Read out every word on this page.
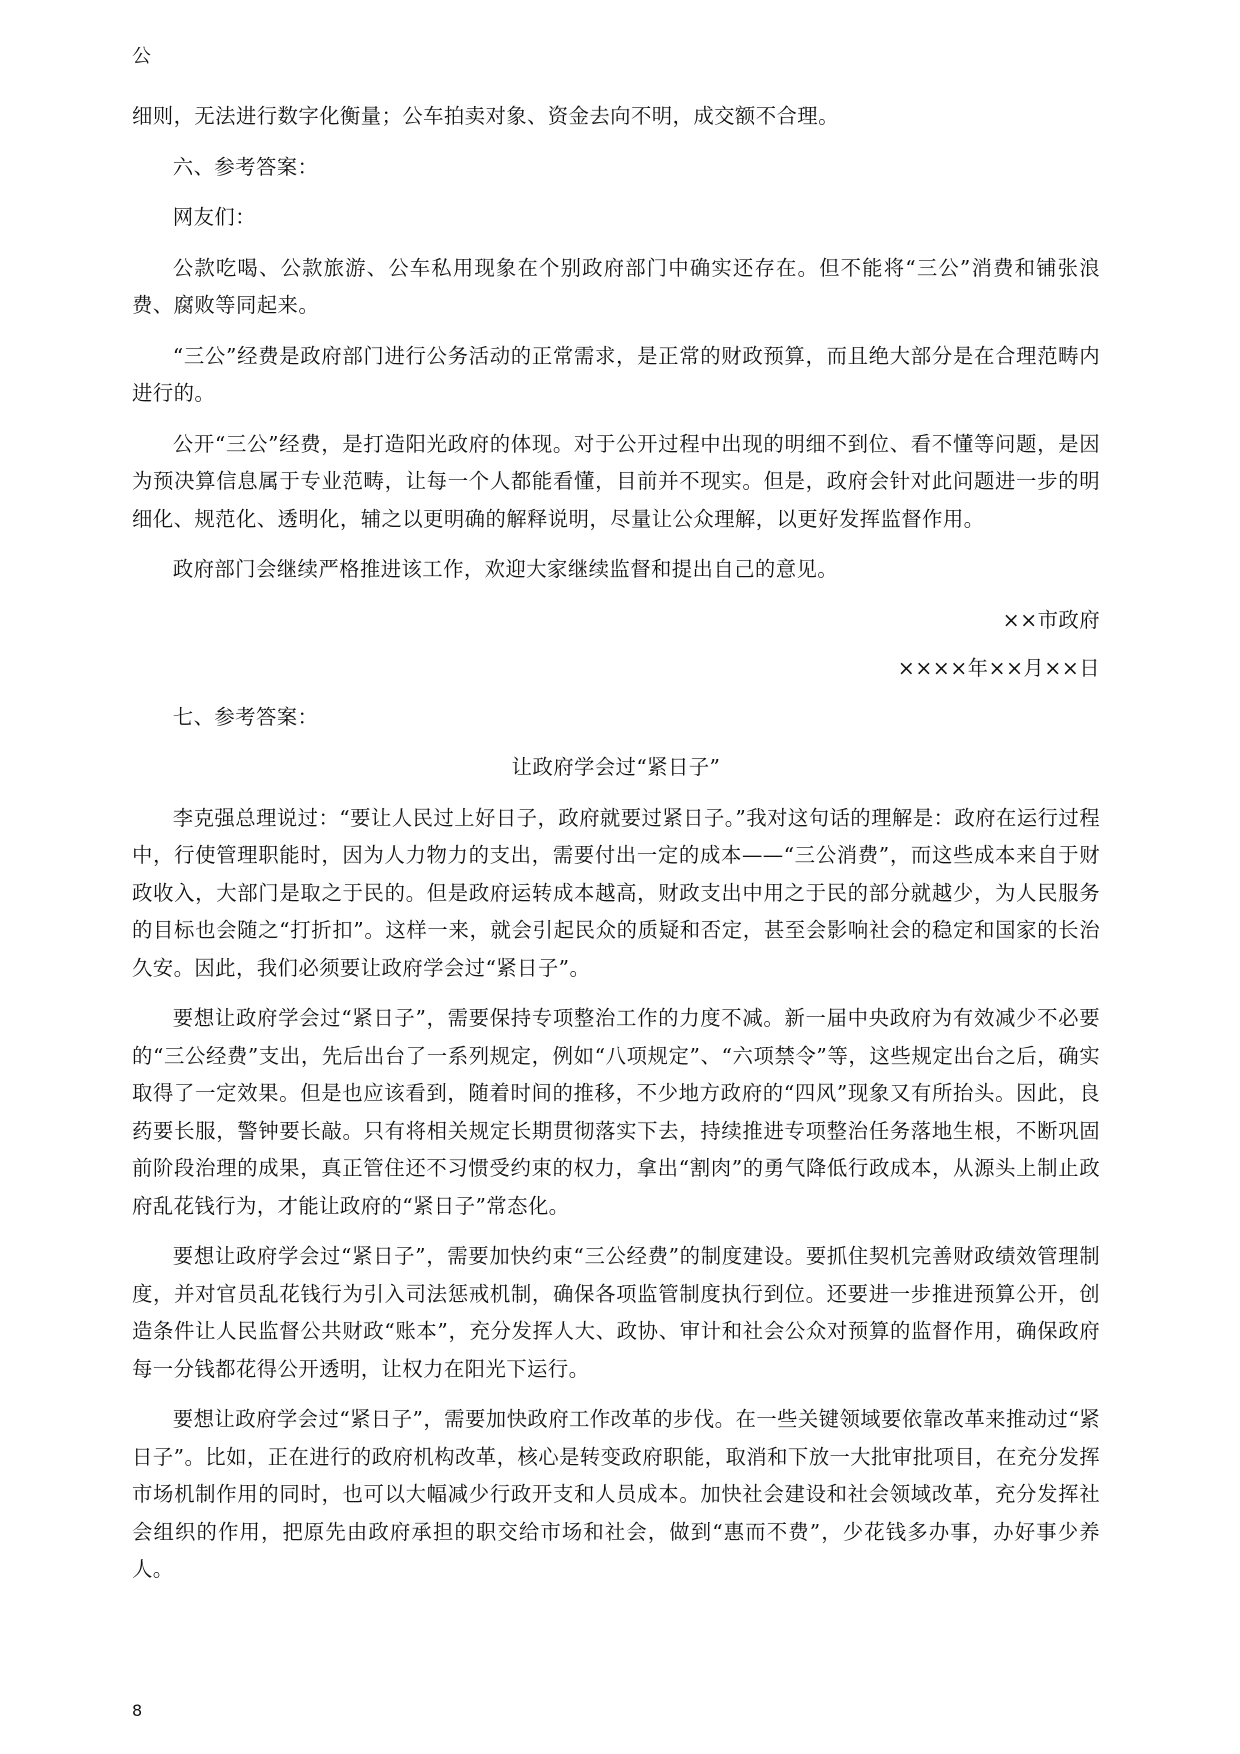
公

细则，无法进行数字化衡量；公车拍卖对象、资金去向不明，成交额不合理。

六、参考答案：

网友们：

公款吃喝、公款旅游、公车私用现象在个别政府部门中确实还存在。但不能将“三公”消费和铺张浪费、腐败等同起来。

“三公”经费是政府部门进行公务活动的正常需求，是正常的财政预算，而且绝大部分是在合理范畴内进行的。

公开“三公”经费，是打造阳光政府的体现。对于公开过程中出现的明细不到位、看不懂等问题，是因为预决算信息属于专业范畴，让每一个人都能看懂，目前并不现实。但是，政府会针对此问题进一步的明细化、规范化、透明化，辅之以更明确的解释说明，尽量让公众理解，以更好发挥监督作用。

政府部门会继续严格推进该工作，欢迎大家继续监督和提出自己的意见。

××市政府

××××年××月××日

七、参考答案：

让政府学会过“紧日子”

李克强总理说过：“要让人民过上好日子，政府就要过紧日子。”我对这句话的理解是：政府在运行过程中，行使管理职能时，因为人力物力的支出，需要付出一定的成本——“三公消费”，而这些成本来自于财政收入，大部门是取之于民的。但是政府运转成本越高，财政支出中用之于民的部分就越少，为人民服务的目标也会随之“打折扣”。这样一来，就会引起民众的质疑和否定，甚至会影响社会的稳定和国家的长治久安。因此，我们必须要让政府学会过“紧日子”。

要想让政府学会过“紧日子”，需要保持专项整治工作的力度不减。新一届中央政府为有效减少不必要的“三公经费”支出，先后出台了一系列规定，例如“八项规定”、“六项禁令”等，这些规定出台之后，确实取得了一定效果。但是也应该看到，随着时间的推移，不少地方政府的“四风”现象又有所抬头。因此，良药要长服，警钟要长敲。只有将相关规定长期贯彻落实下去，持续推进专项整治任务落地生根，不断巩固前阶段治理的成果，真正管住还不习惯受约束的权力，拿出“割肉”的勇气降低行政成本，从源头上制止政府乱花钱行为，才能让政府的“紧日子”常态化。

要想让政府学会过“紧日子”，需要加快约束“三公经费”的制度建设。要抓住契机完善财政绩效管理制度，并对官员乱花钱行为引入司法惩戒机制，确保各项监管制度执行到位。还要进一步推进预算公开，创造条件让人民监督公共财政“账本”，充分发挥人大、政协、审计和社会公众对预算的监督作用，确保政府每一分钱都花得公开透明，让权力在阳光下运行。

要想让政府学会过“紧日子”，需要加快政府工作改革的步伐。在一些关键领域要依靠改革来推动过“紧日子”。比如，正在进行的政府机构改革，核心是转变政府职能，取消和下放一大批审批项目，在充分发挥市场机制作用的同时，也可以大幅减少行政开支和人员成本。加快社会建设和社会领域改革，充分发挥社会组织的作用，把原先由政府承担的职交给市场和社会，做到“惠而不费”，少花钱多办事，办好事少养人。

8
